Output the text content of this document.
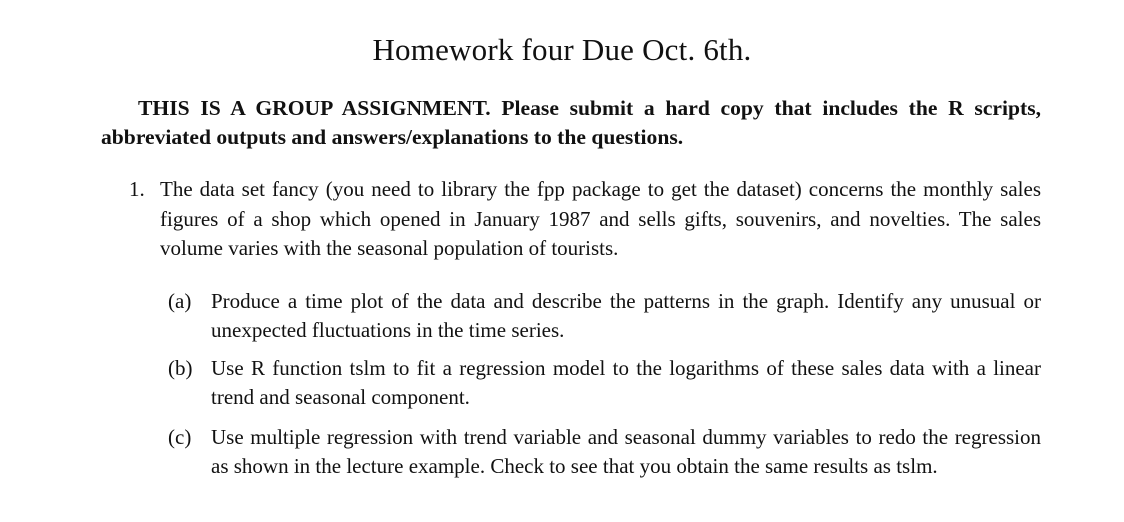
Homework four Due Oct. 6th.

THIS IS A GROUP ASSIGNMENT. Please submit a hard copy that includes the R scripts, abbreviated outputs and answers/explanations to the questions.

1. The data set fancy (you need to library the fpp package to get the dataset) concerns the monthly sales figures of a shop which opened in January 1987 and sells gifts, souvenirs, and novelties. The sales volume varies with the seasonal population of tourists.

(a) Produce a time plot of the data and describe the patterns in the graph. Identify any unusual or unexpected fluctuations in the time series.

(b) Use R function tslm to fit a regression model to the logarithms of these sales data with a linear trend and seasonal component.

(c) Use multiple regression with trend variable and seasonal dummy variables to redo the regression as shown in the lecture example. Check to see that you obtain the same results as tslm.
